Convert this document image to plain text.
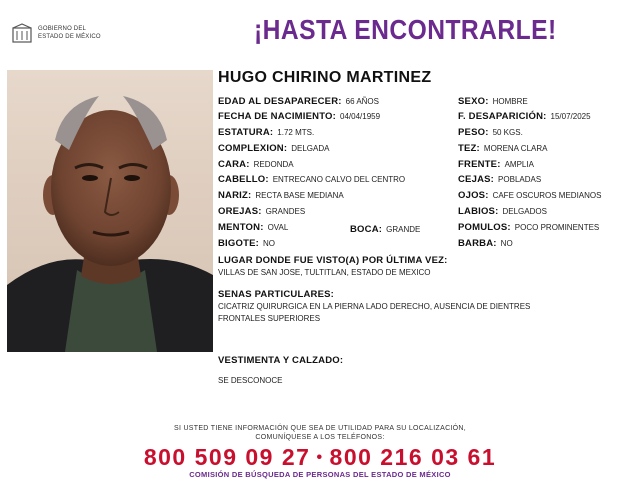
GOBIERNO DEL
ESTADO DE MÉXICO	¡HASTA ENCONTRARLE!
HUGO CHIRINO MARTINEZ
EDAD AL DESAPARECER: 66 AÑOS
FECHA DE NACIMIENTO: 04/04/1959
ESTATURA: 1.72 MTS.
COMPLEXION: DELGADA
CARA: REDONDA
CABELLO: ENTRECANO CALVO DEL CENTRO
NARIZ: RECTA BASE MEDIANA
OREJAS: GRANDES
MENTON: OVAL
BIGOTE: NO
BOCA: GRANDE
SEXO: HOMBRE
F. DESAPARICIÓN: 15/07/2025
PESO: 50 KGS.
TEZ: MORENA CLARA
FRENTE: AMPLIA
CEJAS: POBLADAS
OJOS: CAFE OSCUROS MEDIANOS
LABIOS: DELGADOS
POMULOS: POCO PROMINENTES
BARBA: NO
LUGAR DONDE FUE VISTO(A) POR ÚLTIMA VEZ:
VILLAS DE SAN JOSE, TULTITLAN, ESTADO DE MEXICO
SENAS PARTICULARES:
CICATRIZ QUIRURGICA EN LA PIERNA LADO DERECHO, AUSENCIA DE DIENTRES
FRONTALES SUPERIORES
VESTIMENTA Y CALZADO:
SE DESCONOCE
SI USTED TIENE INFORMACIÓN QUE SEA DE UTILIDAD PARA SU LOCALIZACIÓN,
COMUNÍQUESE A LOS TELÉFONOS:
800 509 09 27 • 800 216 03 61
COMISIÓN DE BÚSQUEDA DE PERSONAS DEL ESTADO DE MÉXICO
